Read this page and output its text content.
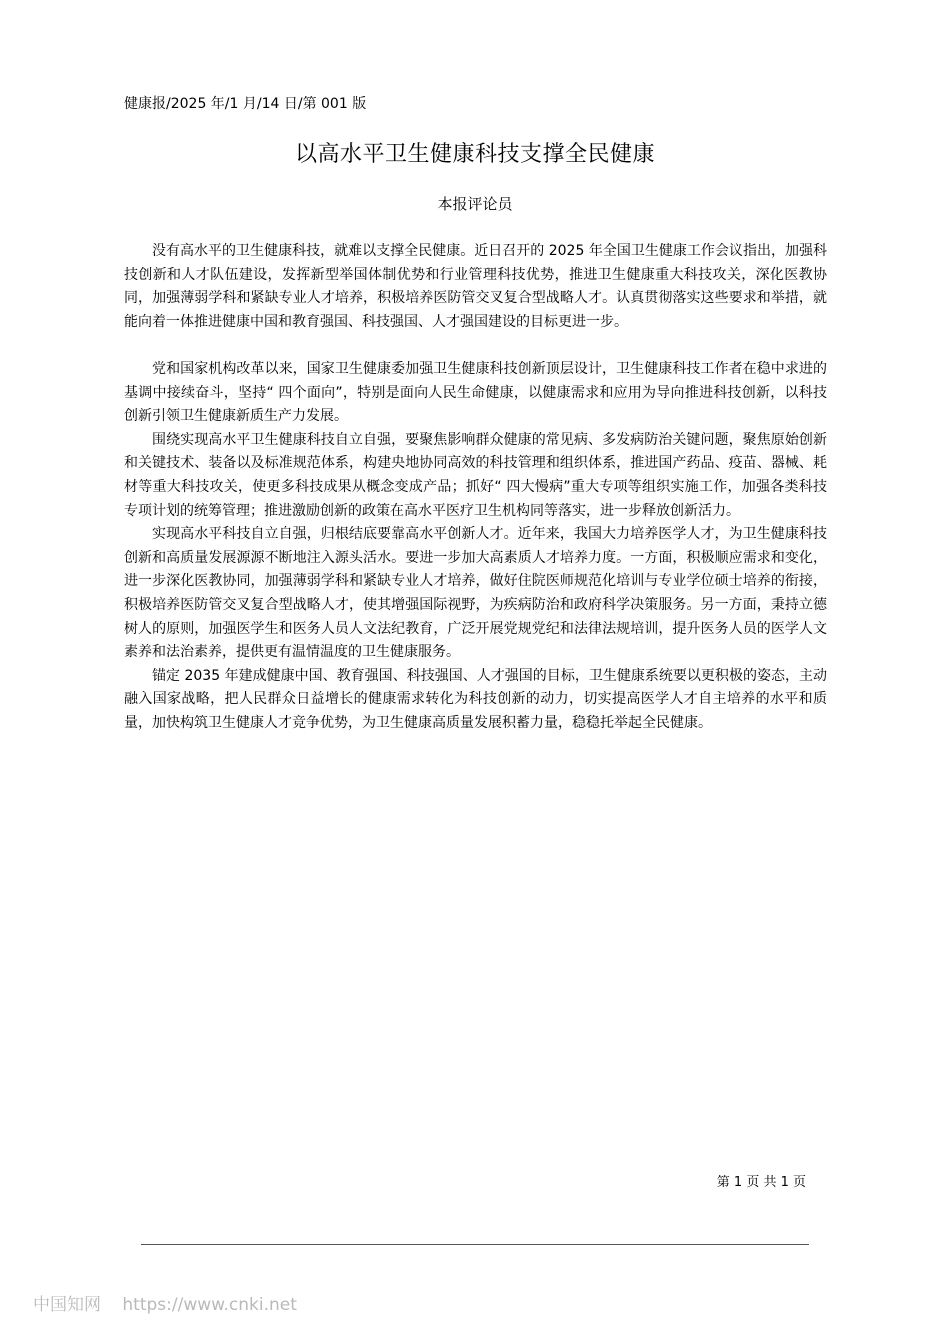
健康报/2025 年/1 月/14 日/第 001 版
以高水平卫生健康科技支撑全民健康
本报评论员

没有高水平的卫生健康科技，就难以支撑全民健康。近日召开的 2025 年全国卫生健康工作会议指出，加强科技创新和人才队伍建设，发挥新型举国体制优势和行业管理科技优势，推进卫生健康重大科技攻关，深化医教协同，加强薄弱学科和紧缺专业人才培养，积极培养医防管交叉复合型战略人才。认真贯彻落实这些要求和举措，就能向着一体推进健康中国和教育强国、科技强国、人才强国建设的目标更进一步。

党和国家机构改革以来，国家卫生健康委加强卫生健康科技创新顶层设计，卫生健康科技工作者在稳中求进的基调中接续奋斗，坚持“ 四个面向”，特别是面向人民生命健康，以健康需求和应用为导向推进科技创新，以科技创新引领卫生健康新质生产力发展。

围绕实现高水平卫生健康科技自立自强，要聚焦影响群众健康的常见病、多发病防治关键问题，聚焦原始创新和关键技术、装备以及标准规范体系，构建央地协同高效的科技管理和组织体系，推进国产药品、疫苗、器械、耗材等重大科技攻关，使更多科技成果从概念变成产品；抓好“ 四大慢病”重大专项等组织实施工作，加强各类科技专项计划的统筹管理；推进激励创新的政策在高水平医疗卫生机构同等落实，进一步释放创新活力。

实现高水平科技自立自强，归根结底要靠高水平创新人才。近年来，我国大力培养医学人才，为卫生健康科技创新和高质量发展源源不断地注入源头活水。要进一步加大高素质人才培养力度。一方面，积极顺应需求和变化，进一步深化医教协同，加强薄弱学科和紧缺专业人才培养，做好住院医师规范化培训与专业学位硕士培养的衔接，积极培养医防管交叉复合型战略人才，使其增强国际视野，为疾病防治和政府科学决策服务。另一方面，秉持立德树人的原则，加强医学生和医务人员人文法纪教育，广泛开展党规党纪和法律法规培训，提升医务人员的医学人文素养和法治素养，提供更有温情温度的卫生健康服务。

锚定 2035 年建成健康中国、教育强国、科技强国、人才强国的目标，卫生健康系统要以更积极的姿态，主动融入国家战略，把人民群众日益增长的健康需求转化为科技创新的动力，切实提高医学人才自主培养的水平和质量，加快构筑卫生健康人才竞争优势，为卫生健康高质量发展积蓄力量，稳稳托举起全民健康。

第 1 页 共 1 页
中国知网 https://www.cnki.net
